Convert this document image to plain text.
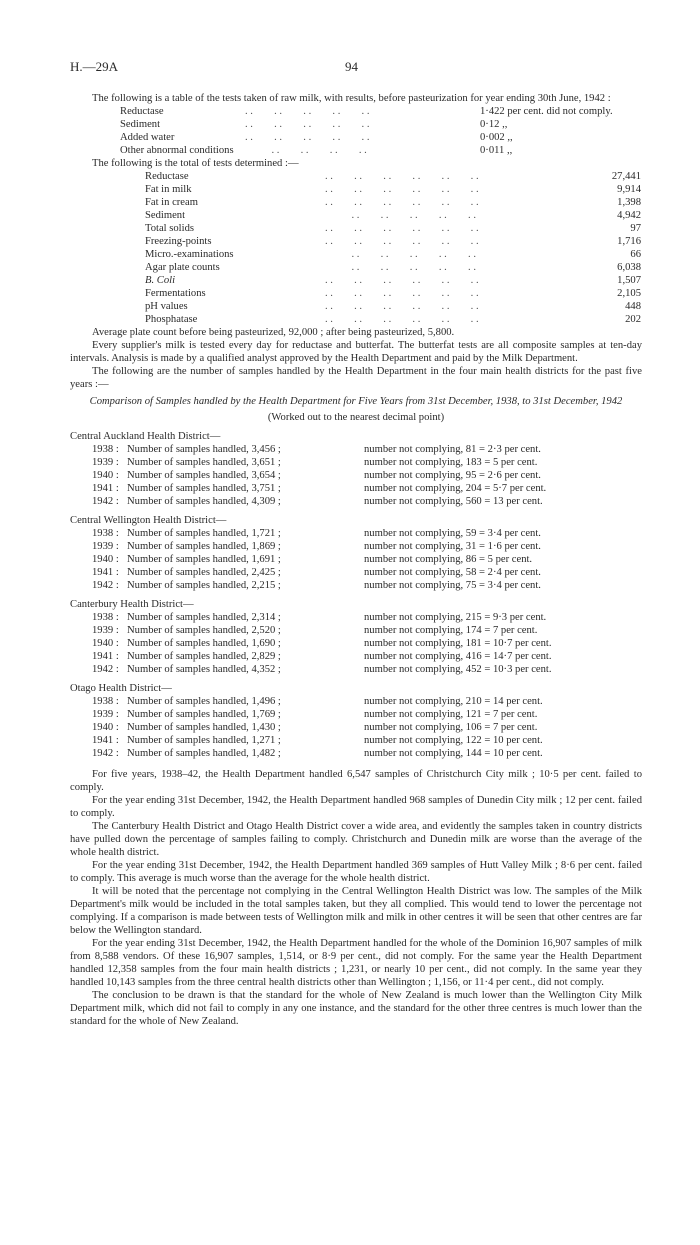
H.—29A	94

The following is a table of the tests taken of raw milk, with results, before pasteurization for year ending 30th June, 1942 :

Reductase	. .        . .        . .        . .        . .	1·422 per cent. did not comply.
Sediment	. .        . .        . .        . .        . .	0·12 ,,
Added water	. .        . .        . .        . .        . .	0·002 ,,
Other abnormal conditions	. .        . .        . .        . .	0·011 ,,

The following is the total of tests determined :—

Reductase	. .        . .        . .        . .        . .        . .	27,441
Fat in milk	. .        . .        . .        . .        . .        . .	9,914
Fat in cream	. .        . .        . .        . .        . .        . .	1,398
Sediment	. .        . .        . .        . .        . .	4,942
Total solids	. .        . .        . .        . .        . .        . .	97
Freezing-points	. .        . .        . .        . .        . .        . .	1,716
Micro.-examinations	. .        . .        . .        . .        . .	66
Agar plate counts	. .        . .        . .        . .        . .	6,038
B. Coli	. .        . .        . .        . .        . .        . .	1,507
Fermentations	. .        . .        . .        . .        . .        . .	2,105
pH values	. .        . .        . .        . .        . .        . .	448
Phosphatase	. .        . .        . .        . .        . .        . .	202

Average plate count before being pasteurized, 92,000 ; after being pasteurized, 5,800.

Every supplier's milk is tested every day for reductase and butterfat. The butterfat tests are all composite samples at ten-day intervals. Analysis is made by a qualified analyst approved by the Health Department and paid by the Milk Department.

The following are the number of samples handled by the Health Department in the four main health districts for the past five years :—

Comparison of Samples handled by the Health Department for Five Years from 31st December, 1938, to 31st December, 1942
(Worked out to the nearest decimal point)
Central Auckland Health District—
1938 : Number of samples handled, 3,456 ;	number not complying, 81 = 2·3 per cent.
1939 : Number of samples handled, 3,651 ;	number not complying, 183 = 5 per cent.
1940 : Number of samples handled, 3,654 ;	number not complying, 95 = 2·6 per cent.
1941 : Number of samples handled, 3,751 ;	number not complying, 204 = 5·7 per cent.
1942 : Number of samples handled, 4,309 ;	number not complying, 560 = 13 per cent.
Central Wellington Health District—
1938 : Number of samples handled, 1,721 ;	number not complying, 59 = 3·4 per cent.
1939 : Number of samples handled, 1,869 ;	number not complying, 31 = 1·6 per cent.
1940 : Number of samples handled, 1,691 ;	number not complying, 86 = 5 per cent.
1941 : Number of samples handled, 2,425 ;	number not complying, 58 = 2·4 per cent.
1942 : Number of samples handled, 2,215 ;	number not complying, 75 = 3·4 per cent.
Canterbury Health District—
1938 : Number of samples handled, 2,314 ;	number not complying, 215 = 9·3 per cent.
1939 : Number of samples handled, 2,520 ;	number not complying, 174 = 7 per cent.
1940 : Number of samples handled, 1,690 ;	number not complying, 181 = 10·7 per cent.
1941 : Number of samples handled, 2,829 ;	number not complying, 416 = 14·7 per cent.
1942 : Number of samples handled, 4,352 ;	number not complying, 452 = 10·3 per cent.
Otago Health District—
1938 : Number of samples handled, 1,496 ;	number not complying, 210 = 14 per cent.
1939 : Number of samples handled, 1,769 ;	number not complying, 121 = 7 per cent.
1940 : Number of samples handled, 1,430 ;	number not complying, 106 = 7 per cent.
1941 : Number of samples handled, 1,271 ;	number not complying, 122 = 10 per cent.
1942 : Number of samples handled, 1,482 ;	number not complying, 144 = 10 per cent.

For five years, 1938–42, the Health Department handled 6,547 samples of Christchurch City milk ; 10·5 per cent. failed to comply.

For the year ending 31st December, 1942, the Health Department handled 968 samples of Dunedin City milk ; 12 per cent. failed to comply.

The Canterbury Health District and Otago Health District cover a wide area, and evidently the samples taken in country districts have pulled down the percentage of samples failing to comply. Christchurch and Dunedin milk are worse than the average of the whole health district.

For the year ending 31st December, 1942, the Health Department handled 369 samples of Hutt Valley Milk ; 8·6 per cent. failed to comply. This average is much worse than the average for the whole health district.

It will be noted that the percentage not complying in the Central Wellington Health District was low. The samples of the Milk Department's milk would be included in the total samples taken, but they all complied. This would tend to lower the percentage not complying. If a comparison is made between tests of Wellington milk and milk in other centres it will be seen that other centres are far below the Wellington standard.

For the year ending 31st December, 1942, the Health Department handled for the whole of the Dominion 16,907 samples of milk from 8,588 vendors. Of these 16,907 samples, 1,514, or 8·9 per cent., did not comply. For the same year the Health Department handled 12,358 samples from the four main health districts ; 1,231, or nearly 10 per cent., did not comply. In the same year they handled 10,143 samples from the three central health districts other than Wellington ; 1,156, or 11·4 per cent., did not comply.

The conclusion to be drawn is that the standard for the whole of New Zealand is much lower than the Wellington City Milk Department milk, which did not fail to comply in any one instance, and the standard for the other three centres is much lower than the standard for the whole of New Zealand.
